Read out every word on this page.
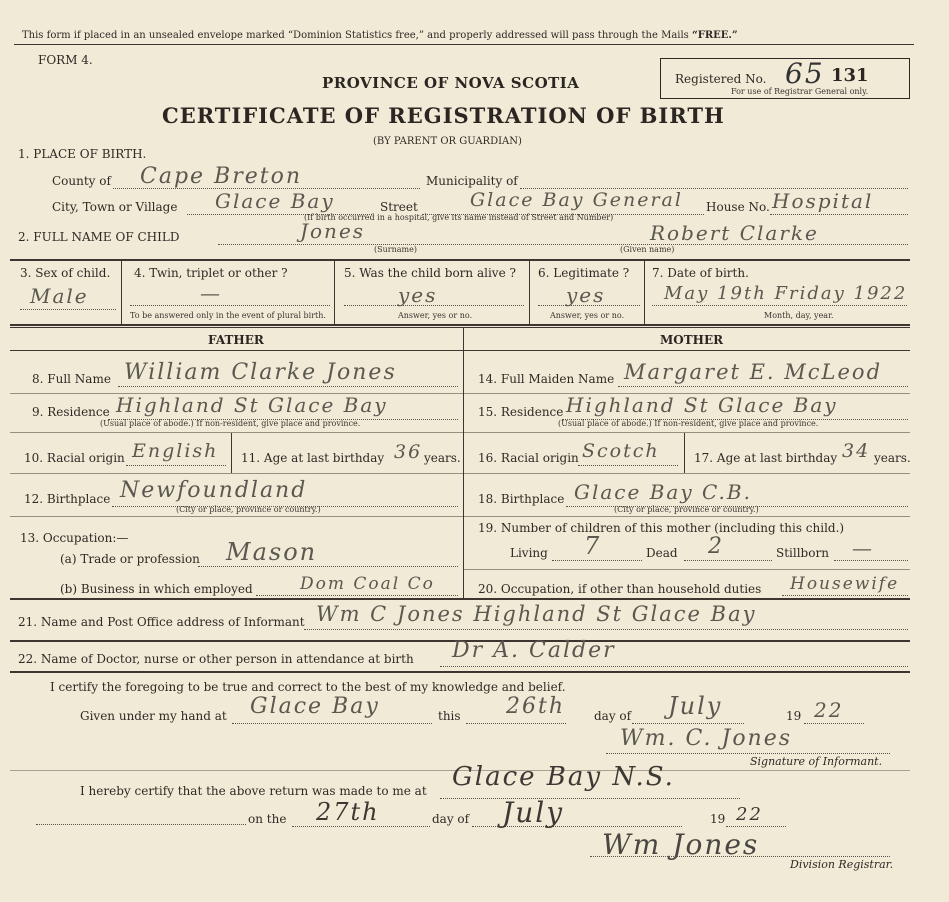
This form if placed in an unsealed envelope marked “Dominion Statistics free,” and properly addressed will pass through the Mails “FREE.”
FORM 4.
PROVINCE OF NOVA SCOTIA
CERTIFICATE OF REGISTRATION OF BIRTH
(BY PARENT OR GUARDIAN)
Registered No. 65 131
For use of Registrar General only.
1. PLACE OF BIRTH.
County of Cape Breton	Municipality of
City, Town or Village Glace Bay	Street	Glace Bay General House No. Hospital
(If birth occurred in a hospital, give its name instead of Street and Number)
2. FULL NAME OF CHILD	Jones	Robert Clarke
(Surname)	(Given name)
3. Sex of child.
Male
4. Twin, triplet or other ?
—
To be answered only in the event of plural birth.
5. Was the child born alive ?
yes
Answer, yes or no.
6. Legitimate ?
yes
Answer, yes or no.
7. Date of birth.
May 19th Friday 1922
Month, day, year.
FATHER	MOTHER
8. Full Name William Clarke Jones
9. Residence Highland St Glace Bay
(Usual place of abode.) If non-resident, give place and province.
10. Racial origin English 11. Age at last birthday 36 years.
12. Birthplace Newfoundland
(City or place, province or country.)
13. Occupation:—
(a) Trade or profession Mason
(b) Business in which employed	Dom Coal Co
14. Full Maiden Name Margaret E. McLeod
15. Residence Highland St Glace Bay
(Usual place of abode.) If non-resident, give place and province.
16. Racial origin Scotch	17. Age at last birthday 34 years.
18. Birthplace Glace Bay C.B.
(City or place, province or country.)
19. Number of children of this mother (including this child.)
Living 7	Dead 2	Stillborn —
20. Occupation, if other than household duties Housewife
21. Name and Post Office address of Informant Wm C Jones Highland St Glace Bay
22. Name of Doctor, nurse or other person in attendance at birth Dr A. Calder
I certify the foregoing to be true and correct to the best of my knowledge and belief.
Given under my hand at Glace Bay	this 26th day of July	19 22
Wm. C. Jones
Signature of Informant.
I hereby certify that the above return was made to me at Glace Bay N.S.
on the 27th	day of July	19 22
Wm Jones
Division Registrar.
